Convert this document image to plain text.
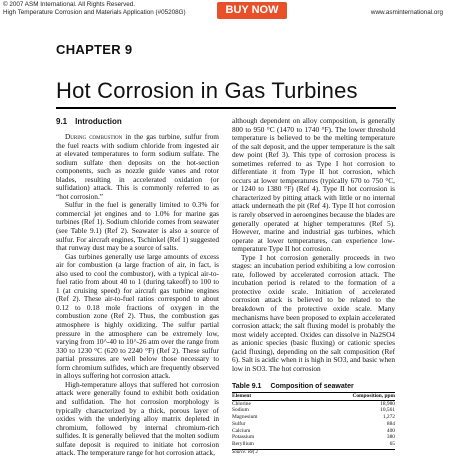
© 2007 ASM International. All Rights Reserved.
High Temperature Corrosion and Materials Application (#05208G)	BUY NOW	www.asminternational.org
CHAPTER 9
Hot Corrosion in Gas Turbines
9.1 Introduction

During combustion in the gas turbine, sulfur from the fuel reacts with sodium chloride from ingested air at elevated temperatures to form sodium sulfate. The sodium sulfate then deposits on the hot-section components, such as nozzle guide vanes and rotor blades, resulting in accelerated oxidation (or sulfidation) attack. This is commonly referred to as “hot corrosion.”

Sulfur in the fuel is generally limited to 0.3% for commercial jet engines and to 1.0% for marine gas turbines (Ref 1). Sodium chloride comes from seawater (see Table 9.1) (Ref 2). Seawater is also a source of sulfur. For aircraft engines, Tschinkel (Ref 1) suggested that runway dust may be a source of salts.

Gas turbines generally use large amounts of excess air for combustion (a large fraction of air, in fact, is also used to cool the combustor), with a typical air-to-fuel ratio from about 40 to 1 (during takeoff) to 100 to 1 (at cruising speed) for aircraft gas turbine engines (Ref 2). These air-to-fuel ratios correspond to about 0.12 to 0.18 mole fractions of oxygen in the combustion zone (Ref 2). Thus, the combustion gas atmosphere is highly oxidizing. The sulfur partial pressure in the atmosphere can be extremely low, varying from 10^-40 to 10^-26 atm over the range from 330 to 1230 °C (620 to 2240 °F) (Ref 2). These sulfur partial pressures are well below those necessary to form chromium sulfides, which are frequently observed in alloys suffering hot corrosion attack.

High-temperature alloys that suffered hot corrosion attack were generally found to exhibit both oxidation and sulfidation. The hot corrosion morphology is typically characterized by a thick, porous layer of oxides with the underlying alloy matrix depleted in chromium, followed by internal chromium-rich sulfides. It is generally believed that the molten sodium sulfate deposit is required to initiate hot corrosion attack. The temperature range for hot corrosion attack,

although dependent on alloy composition, is generally 800 to 950 °C (1470 to 1740 °F). The lower threshold temperature is believed to be the melting temperature of the salt deposit, and the upper temperature is the salt dew point (Ref 3). This type of corrosion process is sometimes referred to as Type I hot corrosion to differentiate it from Type II hot corrosion, which occurs at lower temperatures (typically 670 to 750 °C, or 1240 to 1380 °F) (Ref 4). Type II hot corrosion is characterized by pitting attack with little or no internal attack underneath the pit (Ref 4). Type II hot corrosion is rarely observed in aeroengines because the blades are generally operated at higher temperatures (Ref 5). However, marine and industrial gas turbines, which operate at lower temperatures, can experience low-temperature Type II hot corrosion.

Type I hot corrosion generally proceeds in two stages: an incubation period exhibiting a low corrosion rate, followed by accelerated corrosion attack. The incubation period is related to the formation of a protective oxide scale. Initiation of accelerated corrosion attack is believed to be related to the breakdown of the protective oxide scale. Many mechanisms have been proposed to explain accelerated corrosion attack; the salt fluxing model is probably the most widely accepted. Oxides can dissolve in Na2SO4 as anionic species (basic fluxing) or cationic species (acid fluxing), depending on the salt composition (Ref 6). Salt is acidic when it is high in SO3, and basic when low in SO3. The hot corrosion

Table 9.1 Composition of seawater
Element	Composition, ppm
Chlorine	18,980
Sodium	10,561
Magnesium	1,272
Sulfur	884
Calcium	400
Potassium	380
Beryllium	65
Source: Ref 2
